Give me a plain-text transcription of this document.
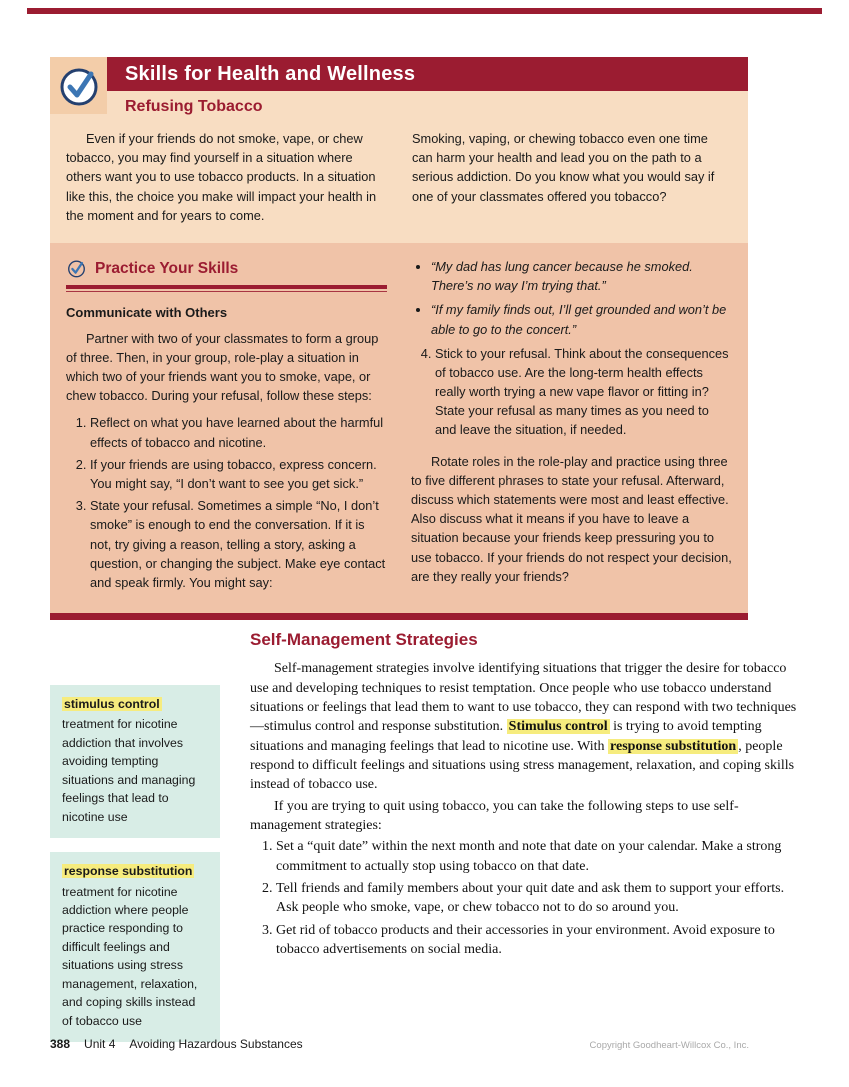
Skills for Health and Wellness
Refusing Tobacco
Even if your friends do not smoke, vape, or chew tobacco, you may find yourself in a situation where others want you to use tobacco products. In a situation like this, the choice you make will impact your health in the moment and for years to come.
Smoking, vaping, or chewing tobacco even one time can harm your health and lead you on the path to a serious addiction. Do you know what you would say if one of your classmates offered you tobacco?
Practice Your Skills
Communicate with Others

Partner with two of your classmates to form a group of three. Then, in your group, role-play a situation in which two of your friends want you to smoke, vape, or chew tobacco. During your refusal, follow these steps:

1. Reflect on what you have learned about the harmful effects of tobacco and nicotine.
2. If your friends are using tobacco, express concern. You might say, “I don’t want to see you get sick.”
3. State your refusal. Sometimes a simple “No, I don’t smoke” is enough to end the conversation. If it is not, try giving a reason, telling a story, asking a question, or changing the subject. Make eye contact and speak firmly. You might say:
• “My dad has lung cancer because he smoked. There’s no way I’m trying that.”
• “If my family finds out, I’ll get grounded and won’t be able to go to the concert.”
4. Stick to your refusal. Think about the consequences of tobacco use. Are the long-term health effects really worth trying a new vape flavor or fitting in? State your refusal as many times as you need to and leave the situation, if needed.

Rotate roles in the role-play and practice using three to five different phrases to state your refusal. Afterward, discuss which statements were most and least effective. Also discuss what it means if you have to leave a situation because your friends keep pressuring you to use tobacco. If your friends do not respect your decision, are they really your friends?

stimulus control
treatment for nicotine addiction that involves avoiding tempting situations and managing feelings that lead to nicotine use
response substitution
treatment for nicotine addiction where people practice responding to difficult feelings and situations using stress management, relaxation, and coping skills instead of tobacco use
Self-Management Strategies

Self-management strategies involve identifying situations that trigger the desire for tobacco use and developing techniques to resist temptation. Once people who use tobacco understand situations or feelings that lead them to want to use tobacco, they can respond with two techniques—stimulus control and response substitution. Stimulus control is trying to avoid tempting situations and managing feelings that lead to nicotine use. With response substitution , people respond to difficult feelings and situations using stress management, relaxation, and coping skills instead of tobacco use.

If you are trying to quit using tobacco, you can take the following steps to use self-management strategies:

1. Set a “quit date” within the next month and note that date on your calendar. Make a strong commitment to actually stop using tobacco on that date.
2. Tell friends and family members about your quit date and ask them to support your efforts. Ask people who smoke, vape, or chew tobacco not to do so around you.
3. Get rid of tobacco products and their accessories in your environment. Avoid exposure to tobacco advertisements on social media.
388 Unit 4 Avoiding Hazardous Substances	Copyright Goodheart-Willcox Co., Inc.
